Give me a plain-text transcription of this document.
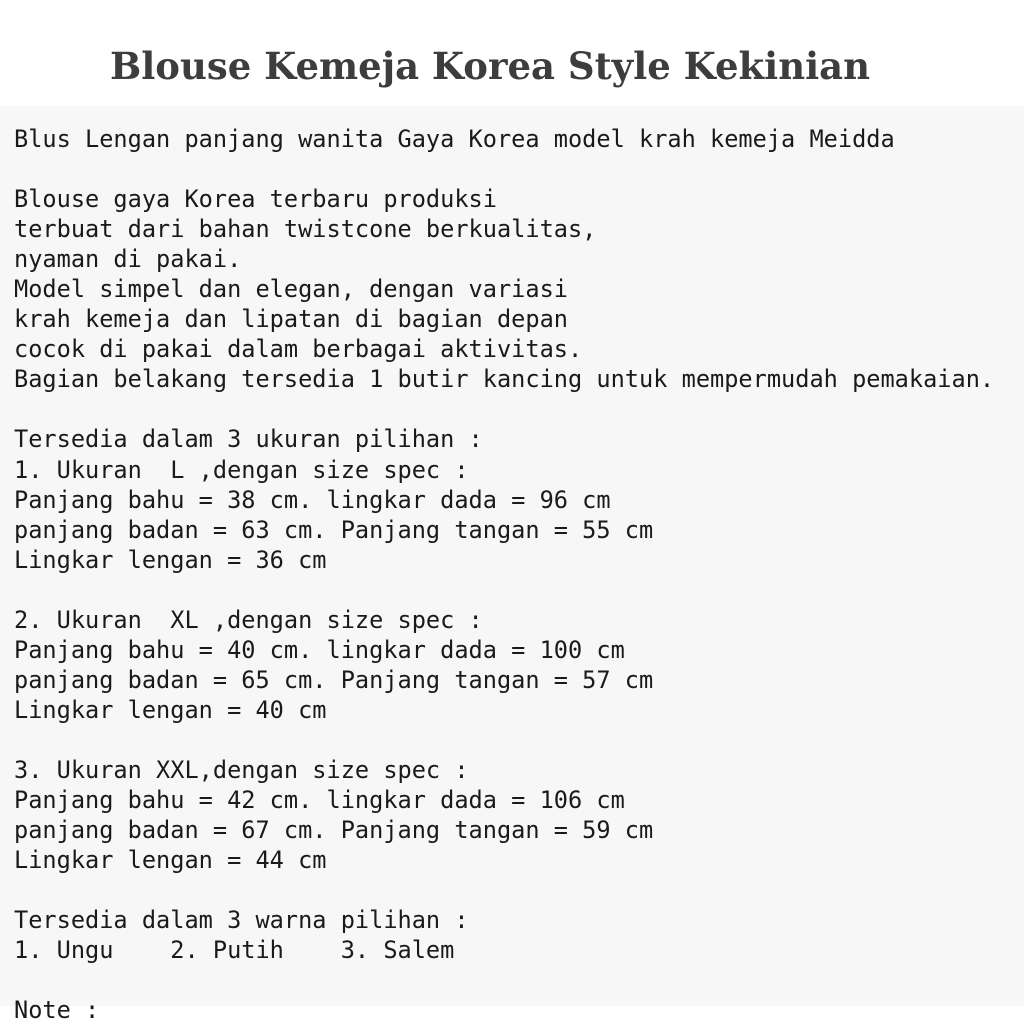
Blouse Kemeja Korea Style Kekinian
Blus Lengan panjang wanita Gaya Korea model krah kemeja Meidda

Blouse gaya Korea terbaru produksi
terbuat dari bahan twistcone berkualitas,
nyaman di pakai.
Model simpel dan elegan, dengan variasi
krah kemeja dan lipatan di bagian depan
cocok di pakai dalam berbagai aktivitas.
Bagian belakang tersedia 1 butir kancing untuk mempermudah pemakaian.

Tersedia dalam 3 ukuran pilihan :
1. Ukuran  L ,dengan size spec :
Panjang bahu = 38 cm. lingkar dada = 96 cm
panjang badan = 63 cm. Panjang tangan = 55 cm
Lingkar lengan = 36 cm

2. Ukuran  XL ,dengan size spec :
Panjang bahu = 40 cm. lingkar dada = 100 cm
panjang badan = 65 cm. Panjang tangan = 57 cm
Lingkar lengan = 40 cm

3. Ukuran XXL,dengan size spec :
Panjang bahu = 42 cm. lingkar dada = 106 cm
panjang badan = 67 cm. Panjang tangan = 59 cm
Lingkar lengan = 44 cm

Tersedia dalam 3 warna pilihan :
1. Ungu    2. Putih    3. Salem

Note :
